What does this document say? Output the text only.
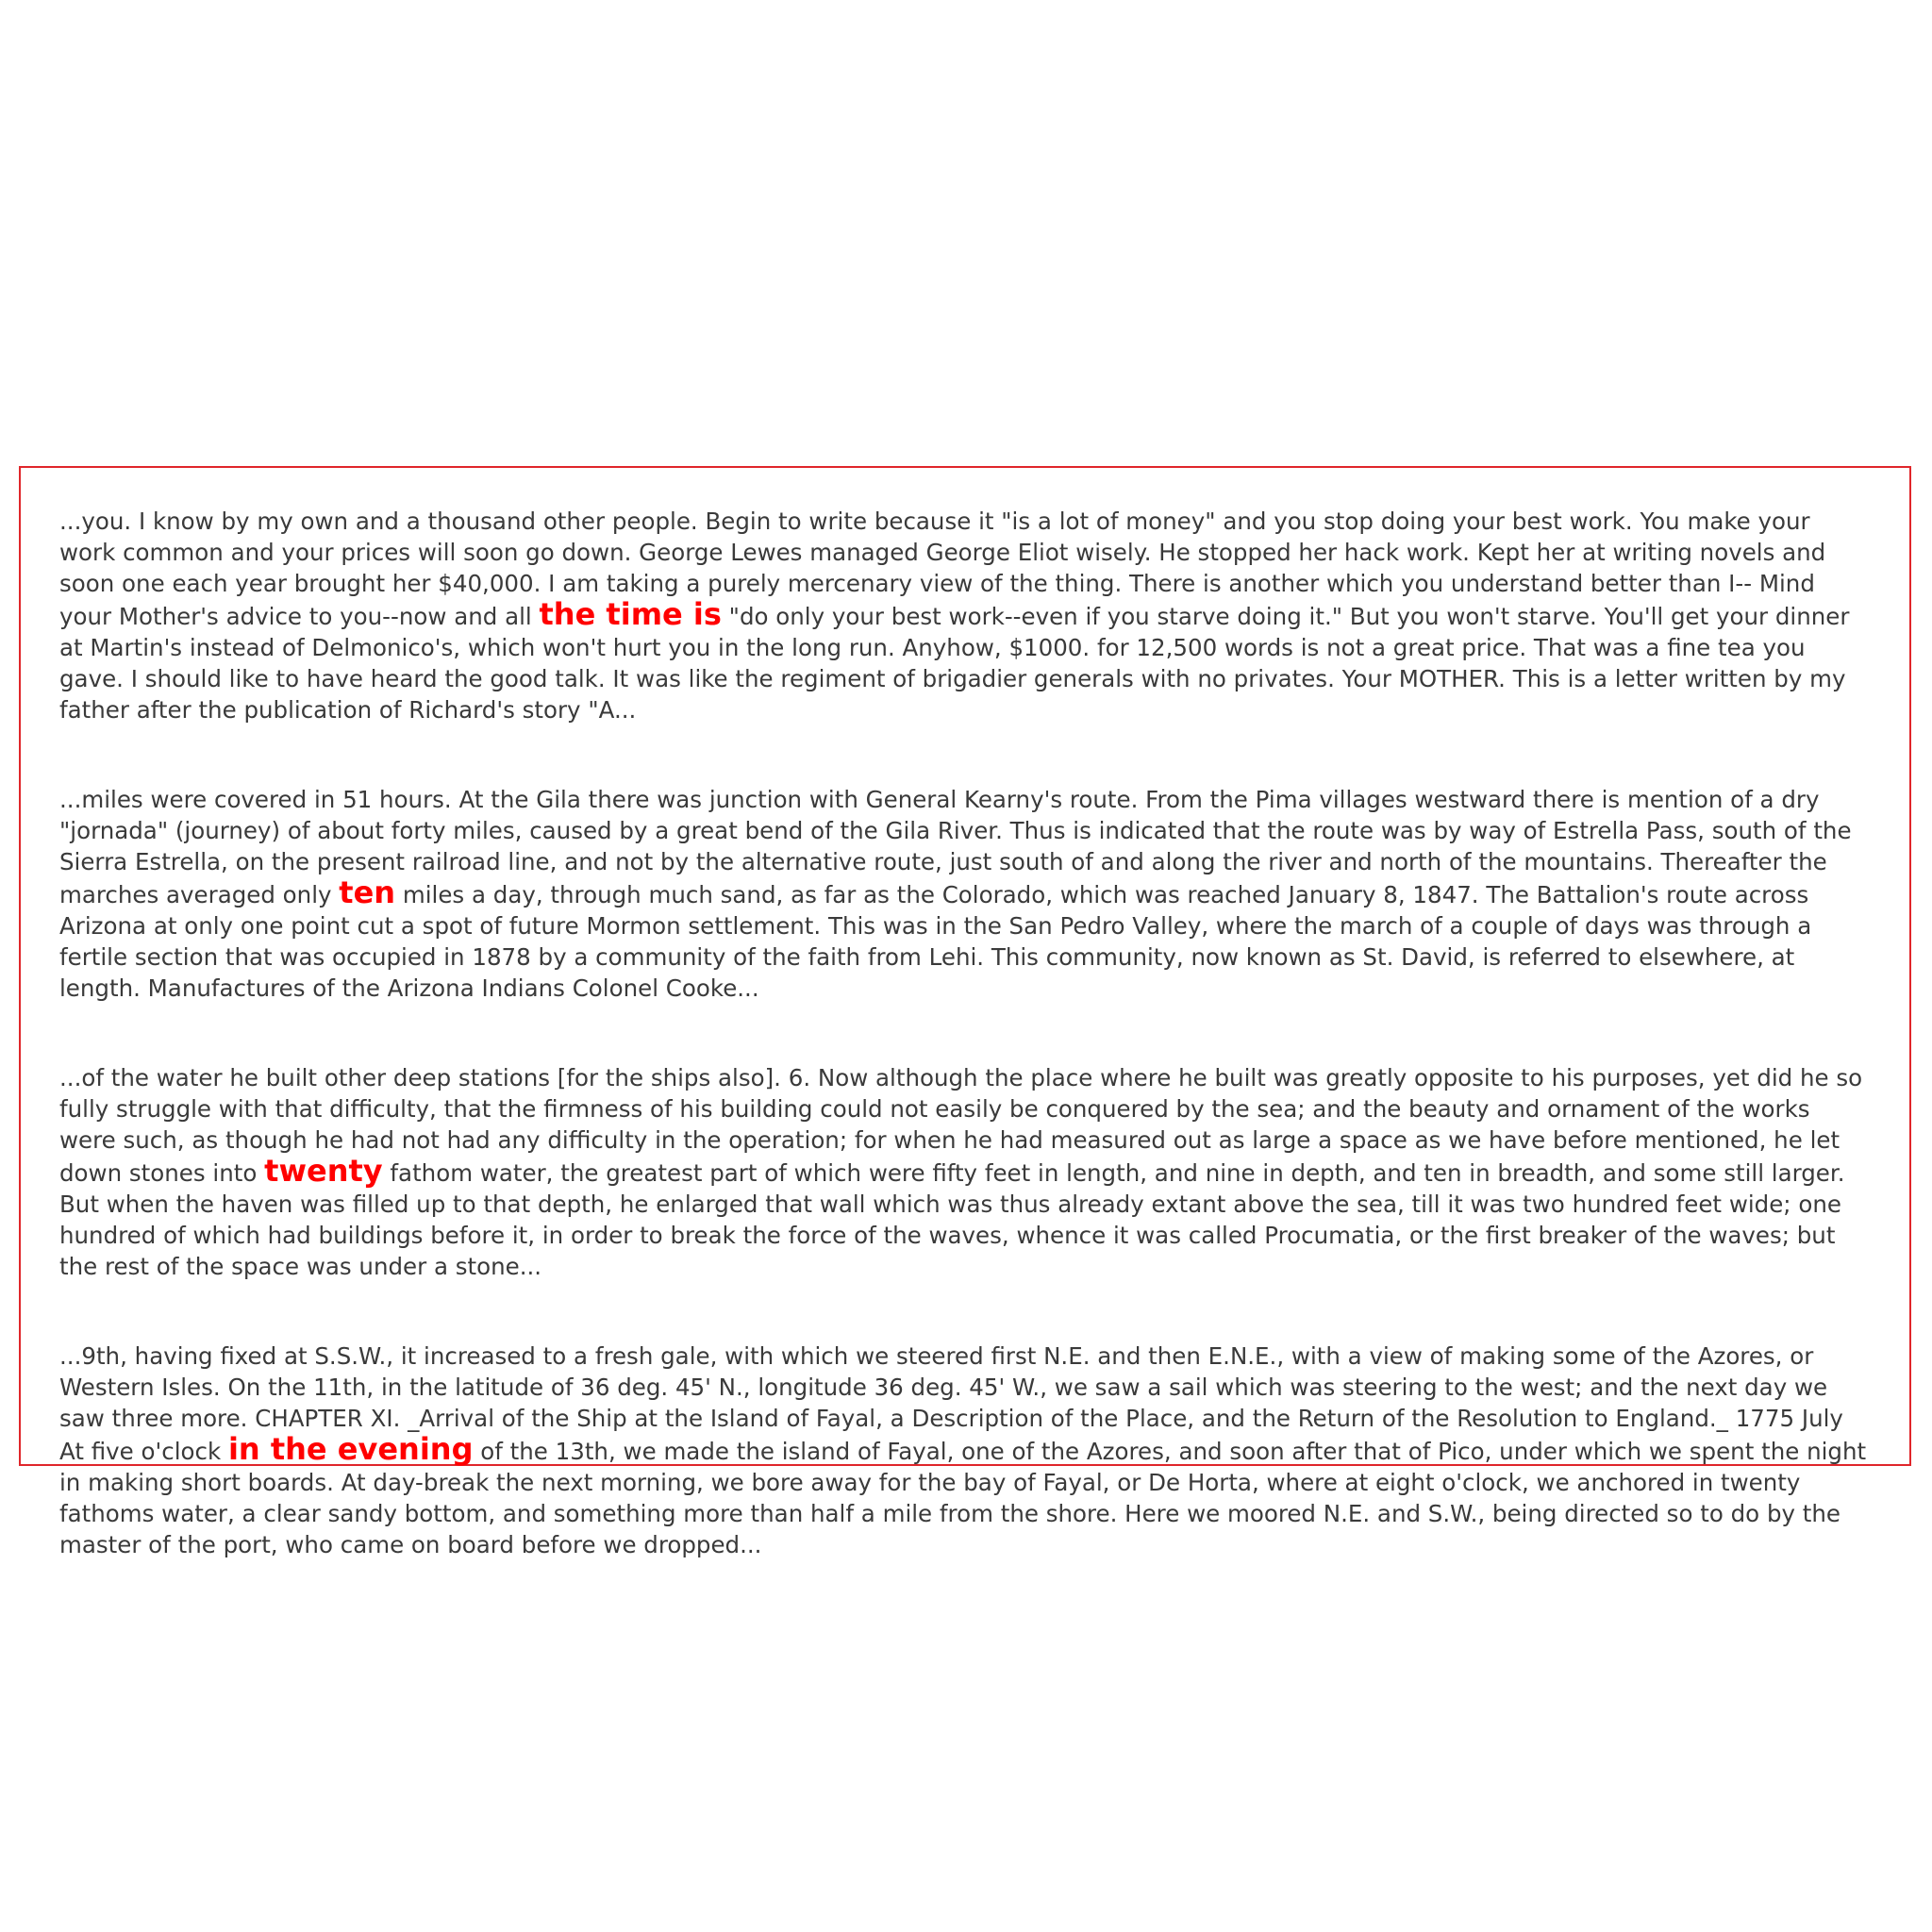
...you. I know by my own and a thousand other people. Begin to write because it "is a lot of money" and you stop doing your best work. You make your work common and your prices will soon go down. George Lewes managed George Eliot wisely. He stopped her hack work. Kept her at writing novels and soon one each year brought her $40,000. I am taking a purely mercenary view of the thing. There is another which you understand better than I-- Mind your Mother's advice to you--now and all the time is "do only your best work--even if you starve doing it." But you won't starve. You'll get your dinner at Martin's instead of Delmonico's, which won't hurt you in the long run. Anyhow, $1000. for 12,500 words is not a great price. That was a fine tea you gave. I should like to have heard the good talk. It was like the regiment of brigadier generals with no privates. Your MOTHER. This is a letter written by my father after the publication of Richard's story "A...

...miles were covered in 51 hours. At the Gila there was junction with General Kearny's route. From the Pima villages westward there is mention of a dry "jornada" (journey) of about forty miles, caused by a great bend of the Gila River. Thus is indicated that the route was by way of Estrella Pass, south of the Sierra Estrella, on the present railroad line, and not by the alternative route, just south of and along the river and north of the mountains. Thereafter the marches averaged only ten miles a day, through much sand, as far as the Colorado, which was reached January 8, 1847. The Battalion's route across Arizona at only one point cut a spot of future Mormon settlement. This was in the San Pedro Valley, where the march of a couple of days was through a fertile section that was occupied in 1878 by a community of the faith from Lehi. This community, now known as St. David, is referred to elsewhere, at length. Manufactures of the Arizona Indians Colonel Cooke...

...of the water he built other deep stations [for the ships also]. 6. Now although the place where he built was greatly opposite to his purposes, yet did he so fully struggle with that difficulty, that the firmness of his building could not easily be conquered by the sea; and the beauty and ornament of the works were such, as though he had not had any difficulty in the operation; for when he had measured out as large a space as we have before mentioned, he let down stones into twenty fathom water, the greatest part of which were fifty feet in length, and nine in depth, and ten in breadth, and some still larger. But when the haven was filled up to that depth, he enlarged that wall which was thus already extant above the sea, till it was two hundred feet wide; one hundred of which had buildings before it, in order to break the force of the waves, whence it was called Procumatia, or the first breaker of the waves; but the rest of the space was under a stone...

...9th, having fixed at S.S.W., it increased to a fresh gale, with which we steered first N.E. and then E.N.E., with a view of making some of the Azores, or Western Isles. On the 11th, in the latitude of 36 deg. 45' N., longitude 36 deg. 45' W., we saw a sail which was steering to the west; and the next day we saw three more. CHAPTER XI. _Arrival of the Ship at the Island of Fayal, a Description of the Place, and the Return of the Resolution to England._ 1775 July At five o'clock in the evening of the 13th, we made the island of Fayal, one of the Azores, and soon after that of Pico, under which we spent the night in making short boards. At day-break the next morning, we bore away for the bay of Fayal, or De Horta, where at eight o'clock, we anchored in twenty fathoms water, a clear sandy bottom, and something more than half a mile from the shore. Here we moored N.E. and S.W., being directed so to do by the master of the port, who came on board before we dropped...
